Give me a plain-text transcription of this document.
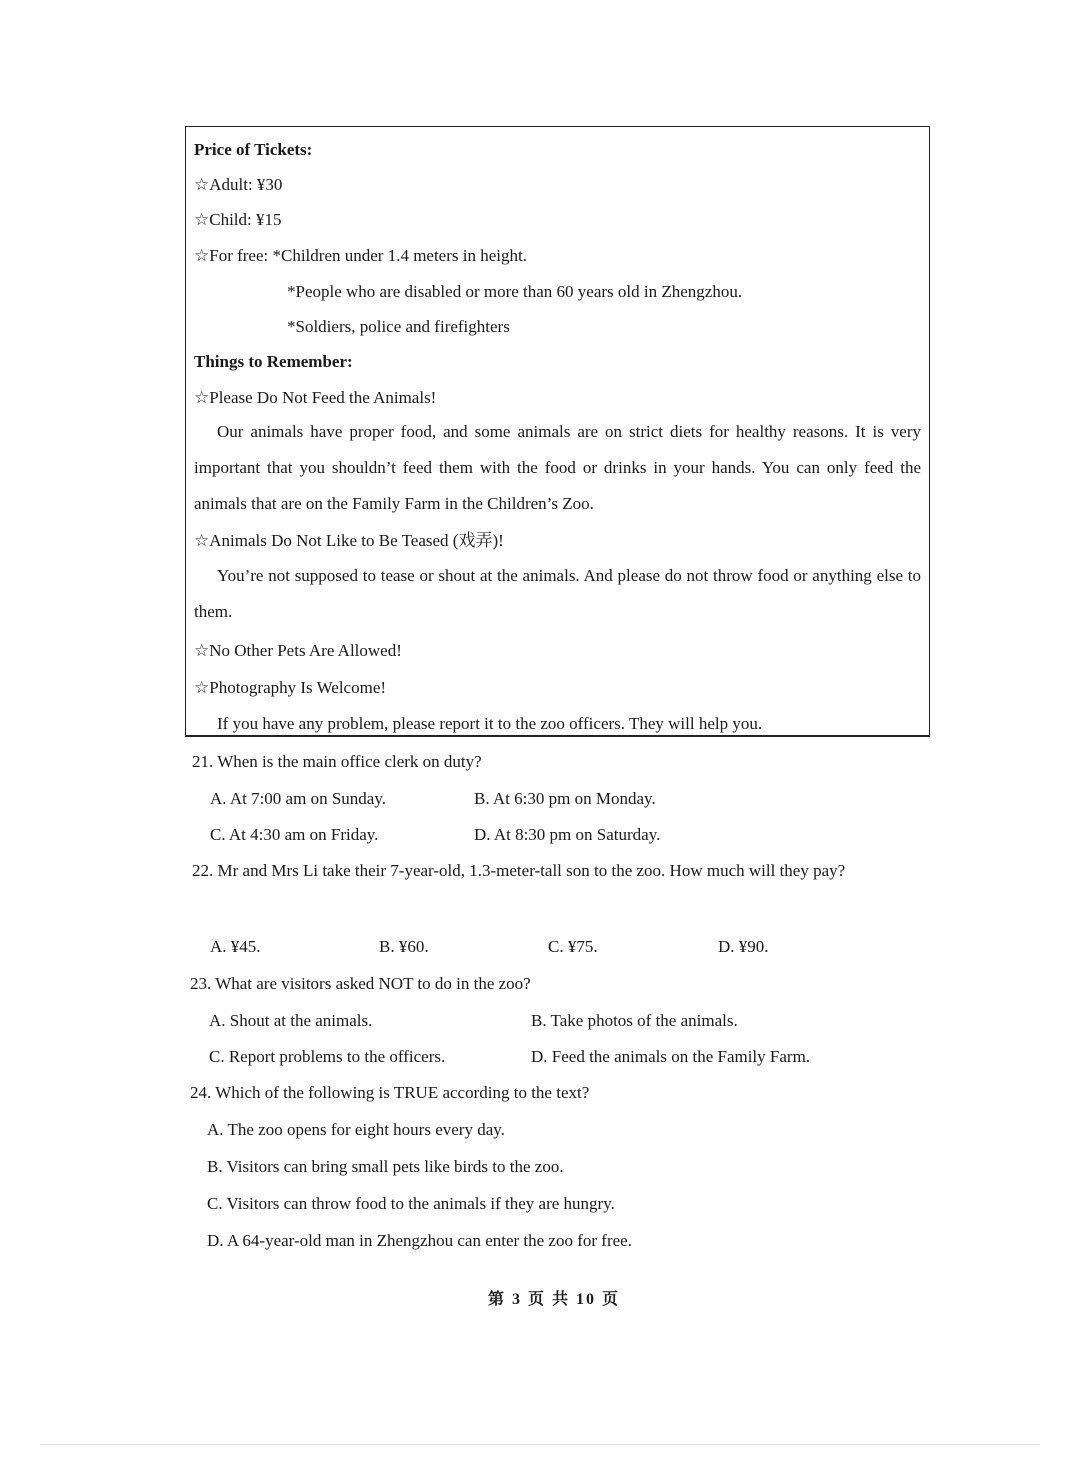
Price of Tickets:
☆Adult: ¥30
☆Child: ¥15
☆For free: *Children under 1.4 meters in height.
*People who are disabled or more than 60 years old in Zhengzhou.
*Soldiers, police and firefighters
Things to Remember:
☆Please Do Not Feed the Animals!
Our animals have proper food, and some animals are on strict diets for healthy reasons. It is very important that you shouldn’t feed them with the food or drinks in your hands. You can only feed the animals that are on the Family Farm in the Children’s Zoo.
☆Animals Do Not Like to Be Teased (戏弄)!
You’re not supposed to tease or shout at the animals. And please do not throw food or anything else to them.
☆No Other Pets Are Allowed!
☆Photography Is Welcome!
If you have any problem, please report it to the zoo officers. They will help you.
21. When is the main office clerk on duty?
A. At 7:00 am on Sunday.	B. At 6:30 pm on Monday.
C. At 4:30 am on Friday.	D. At 8:30 pm on Saturday.
22. Mr and Mrs Li take their 7-year-old, 1.3-meter-tall son to the zoo. How much will they pay?
A. ¥45.	B. ¥60.	C. ¥75.	D. ¥90.
23. What are visitors asked NOT to do in the zoo?
A. Shout at the animals.	B. Take photos of the animals.
C. Report problems to the officers.	D. Feed the animals on the Family Farm.
24. Which of the following is TRUE according to the text?
A. The zoo opens for eight hours every day.
B. Visitors can bring small pets like birds to the zoo.
C. Visitors can throw food to the animals if they are hungry.
D. A 64-year-old man in Zhengzhou can enter the zoo for free.
第 3 页 共 10 页
